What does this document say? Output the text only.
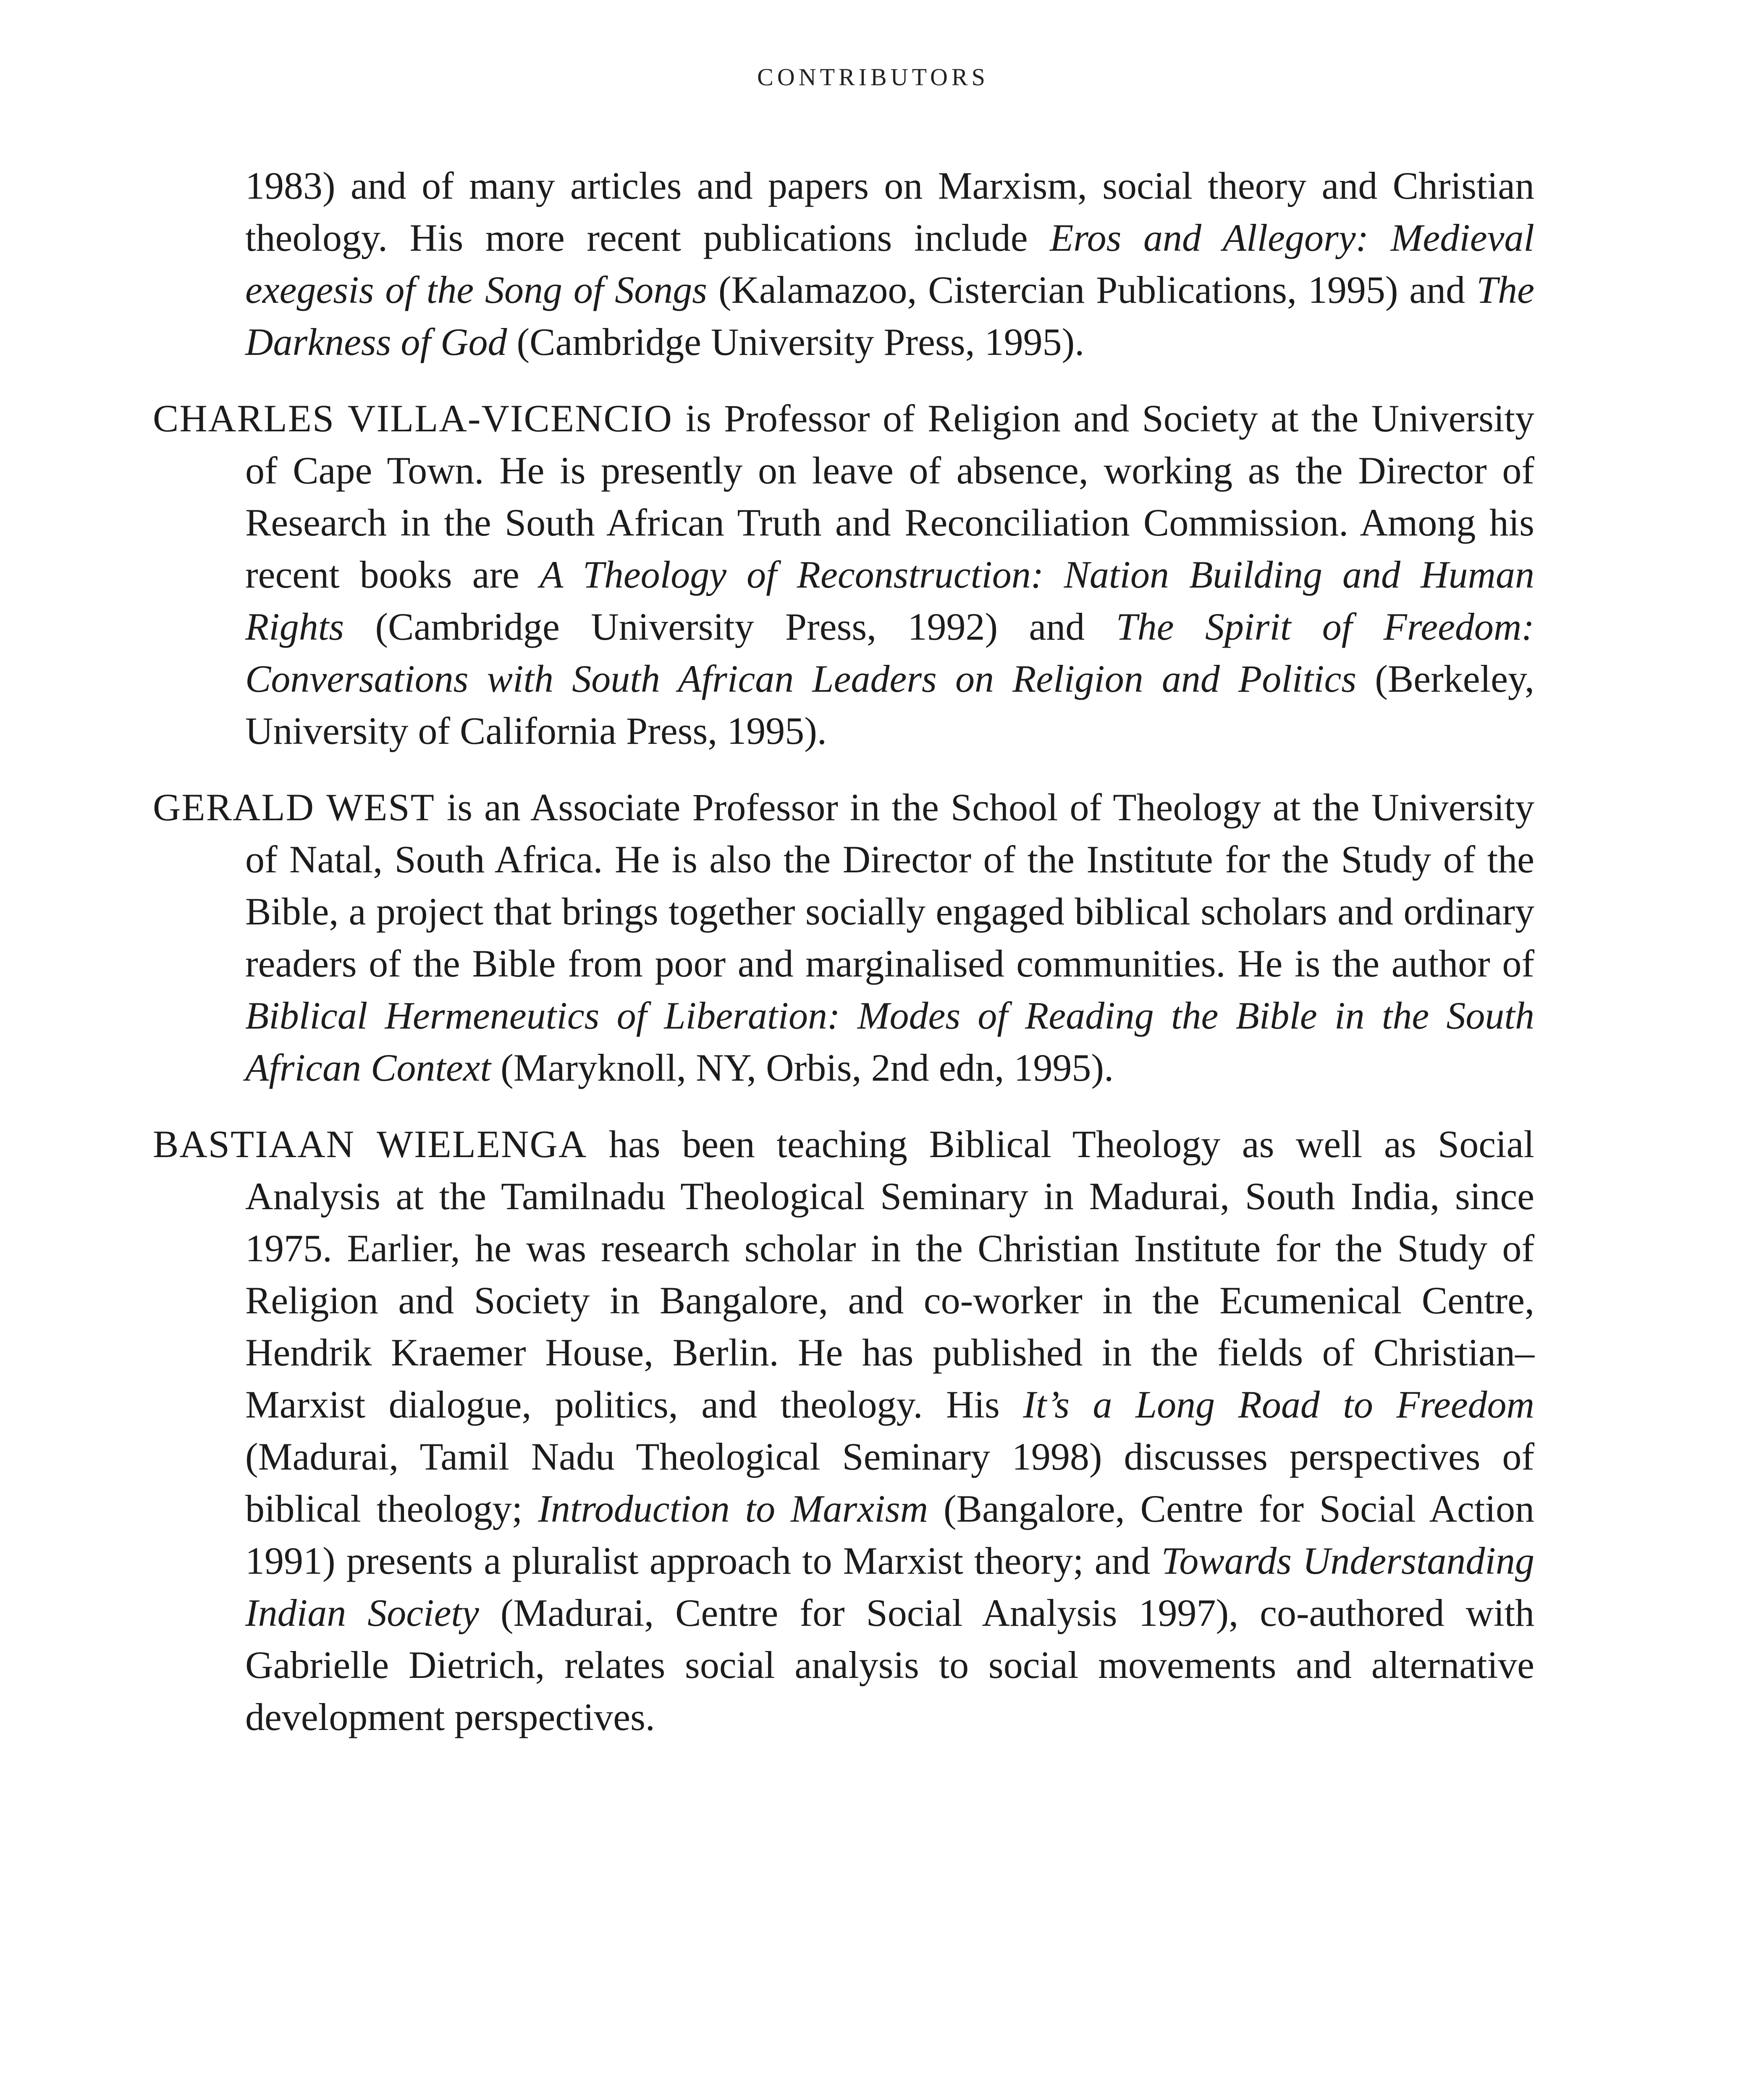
CONTRIBUTORS

1983) and of many articles and papers on Marxism, social theory and Christian theology. His more recent publications include Eros and Allegory: Medieval exegesis of the Song of Songs (Kalamazoo, Cistercian Publications, 1995) and The Darkness of God (Cambridge University Press, 1995).

CHARLES VILLA-VICENCIO is Professor of Religion and Society at the University of Cape Town. He is presently on leave of absence, working as the Director of Research in the South African Truth and Reconciliation Commission. Among his recent books are A Theology of Reconstruction: Nation Building and Human Rights (Cambridge University Press, 1992) and The Spirit of Freedom: Conversations with South African Leaders on Religion and Politics (Berkeley, University of California Press, 1995).

GERALD WEST is an Associate Professor in the School of Theology at the University of Natal, South Africa. He is also the Director of the Institute for the Study of the Bible, a project that brings together socially engaged biblical scholars and ordinary readers of the Bible from poor and marginalised communities. He is the author of Biblical Hermeneutics of Liberation: Modes of Reading the Bible in the South African Context (Maryknoll, NY, Orbis, 2nd edn, 1995).

BASTIAAN WIELENGA has been teaching Biblical Theology as well as Social Analysis at the Tamilnadu Theological Seminary in Madurai, South India, since 1975. Earlier, he was research scholar in the Christian Institute for the Study of Religion and Society in Bangalore, and co-worker in the Ecumenical Centre, Hendrik Kraemer House, Berlin. He has published in the fields of Christian–Marxist dialogue, politics, and theology. His It’s a Long Road to Freedom (Madurai, Tamil Nadu Theological Seminary 1998) discusses perspectives of biblical theology; Introduction to Marxism (Bangalore, Centre for Social Action 1991) presents a pluralist approach to Marxist theory; and Towards Understanding Indian Society (Madurai, Centre for Social Analysis 1997), co-authored with Gabrielle Dietrich, relates social analysis to social movements and alternative development perspectives.
